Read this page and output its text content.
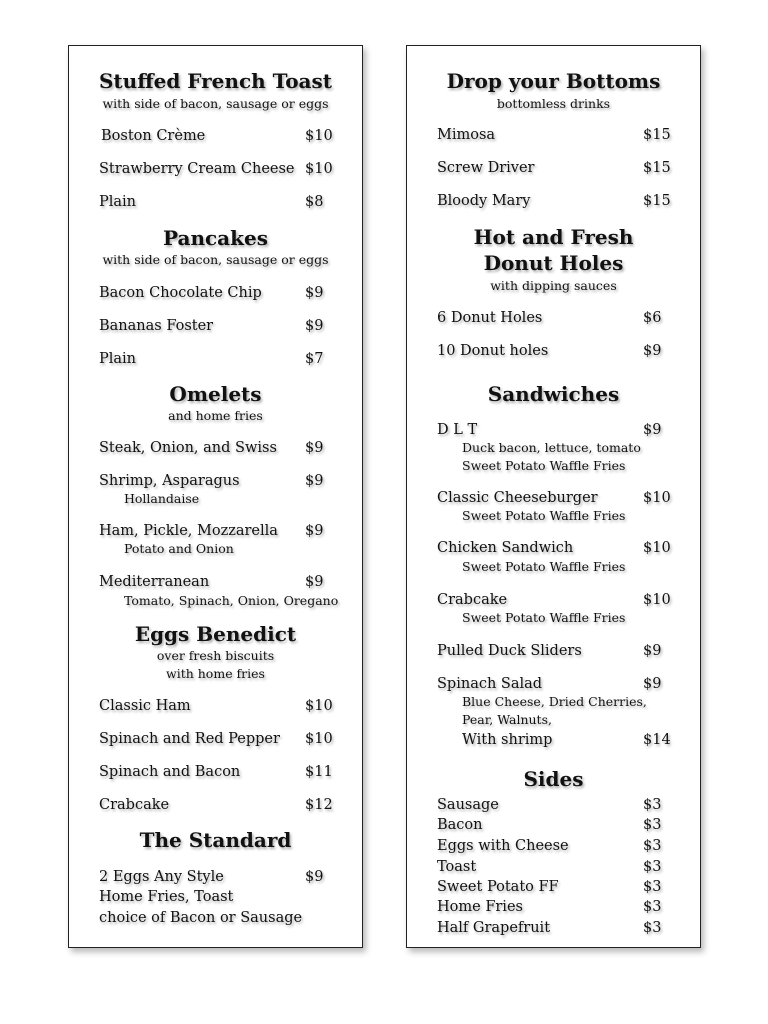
Stuffed French Toast
with side of bacon, sausage or eggs
Boston Crème	$10
Strawberry Cream Cheese $10
Plain	$8
Pancakes
with side of bacon, sausage or eggs
Bacon Chocolate Chip	$9
Bananas Foster	$9
Plain	$7
Omelets
and home fries
Steak, Onion, and Swiss $9
Shrimp, Asparagus	$9
Hollandaise
Ham, Pickle, Mozzarella $9
Potato and Onion
Mediterranean	$9
Tomato, Spinach, Onion, Oregano
Eggs Benedict
over fresh biscuits
with home fries
Classic Ham	$10
Spinach and Red Pepper $10
Spinach and Bacon	$11
Crabcake	$12
The Standard
2 Eggs Any Style	$9
Home Fries, Toast
choice of Bacon or Sausage
Drop your Bottoms
bottomless drinks
Mimosa	$15
Screw Driver	$15
Bloody Mary	$15
Hot and Fresh
Donut Holes
with dipping sauces
6 Donut Holes	$6
10 Donut holes	$9
Sandwiches
D L T	$9
Duck bacon, lettuce, tomato
Sweet Potato Waffle Fries
Classic Cheeseburger	$10
Sweet Potato Waffle Fries
Chicken Sandwich	$10
Sweet Potato Waffle Fries
Crabcake	$10
Sweet Potato Waffle Fries
Pulled Duck Sliders	$9
Spinach Salad	$9
Blue Cheese, Dried Cherries,
Pear, Walnuts,
With shrimp	$14
Sides
Sausage	$3
Bacon	$3
Eggs with Cheese	$3
Toast	$3
Sweet Potato FF	$3
Home Fries	$3
Half Grapefruit	$3
